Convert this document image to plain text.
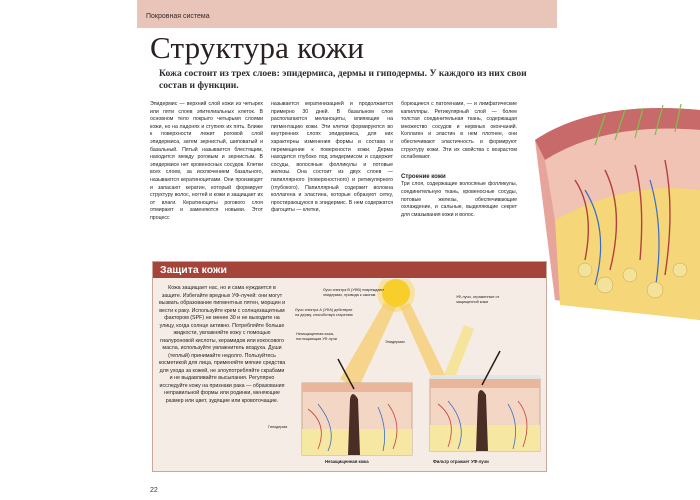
Покровная система
Структура кожи
Кожа состоит из трех слоев: эпидермиса, дермы и гиподермы. У каждого из них свои состав и функции.
Эпидермис — верхний слой кожи из четырех или пяти слоев эпителиальных клеток. В основном тело покрыто четырьмя слоями кожи, но на ладонях и ступнях их пять. Ближе к поверхности лежит роговой слой эпидермиса, затем зернистый, шиповатый и базальный. Пятый называется блестящим, находится между роговым и зернистым. В эпидермисе нет кровеносных сосудов. Клетки всех слоев, за исключением базального, называются кератиноцитами. Они производят и запасают кератин, который формирует структуру волос, ногтей и кожи и защищает их от влаги. Кератиноциты рогового слоя отмирают и заменяются новыми. Этот процесс
называется кератинизацией и продолжается примерно 30 дней. В базальном слое располагаются меланоциты, влияющие на пигментацию кожи. Эти клетки формируются во внутренних слоях эпидермиса, для них характерны изменения формы и состава и перемещение к поверхности кожи. Дерма находится глубоко под эпидермисом и содержит сосуды, волосяные фолликулы и потовые железы. Она состоит из двух слоев — папиллярного (поверхностного) и ретикулярного (глубокого). Папиллярный содержит волокна коллагена и эластина, которые образуют сетку, простирающуюся в эпидермис. В нем содержатся фагоциты — клетки,
борющиеся с патогенами, — и лимфатические капилляры. Ретикулярный слой — более толстая соединительная ткань, содержащая множество сосудов и нервных окончаний. Коллаген и эластин в нем плотнее, они обеспечивают эластичность и формируют структуру кожи. Эти их свойства с возрастом ослабевают.
Строение кожи
Три слоя, содержащие волосяные фолликулы, соединительную ткань, кровеносные сосуды, потовые железы, обеспечивающие охлаждение, и сальные, выделяющие секрет для смазывания кожи и волос.
Защита кожи
Кожа защищает нас, но и сама нуждается в защите. Избегайте вредных УФ-лучей: они могут вызвать образование пигментных пятен, морщин и вести к раку. Используйте крем с солнцезащитным фактором (SPF) не менее 30 и не выходите на улицу, когда солнце активно. Потребляйте больше жидкости, увлажняйте кожу с помощью гиалуроновой кислоты, керамидов или кокосового масла, используйте увлажнитель воздуха. Души (теплый) принимайте недолго. Пользуйтесь косметикой для лица, применяйте мягкие средства для ухода за кожей, не злоупотребляйте скрабами и не выдавливайте высыпания. Регулярно исследуйте кожу на признаки рака — образования неправильной формы или родинки, меняющие размер или цвет, зудящие или кровоточащие.
Лучи спектра В (УФВ) повреждают эпидермис, приводя к ожогам
Лучи спектра А (УФА) действуют на дерму, способствуя старению
Незащищенная кожа, поглощающая УФ-лучи
Эпидермис
Гиподерма
УФ-лучи, отраженные от защищенной кожи
Незащищенная кожа	Фильтр отражает УФ-лучи
22
